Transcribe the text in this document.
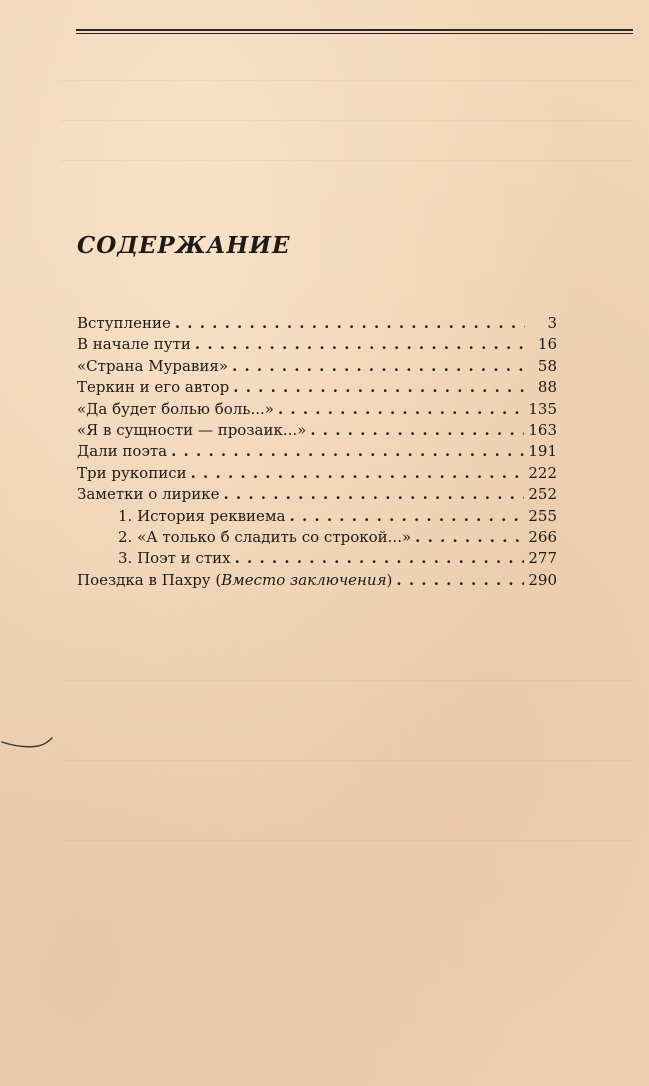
СОДЕРЖАНИЕ
Вступление . . .	3
В начале пути . . .	16
«Страна Муравия» . . .	58
Теркин и его автор . . .	88
«Да будет болью боль...» . . .	135
«Я в сущности — прозаик...» . . .	163
Дали поэта . . .	191
Три рукописи . . .	222
Заметки о лирике . . .	252
1. История реквиема . . .	255
2. «А только б сладить со строкой...» . . .	266
3. Поэт и стих . . .	277
Поездка в Пахру (Вместо заключения) . . .	290
